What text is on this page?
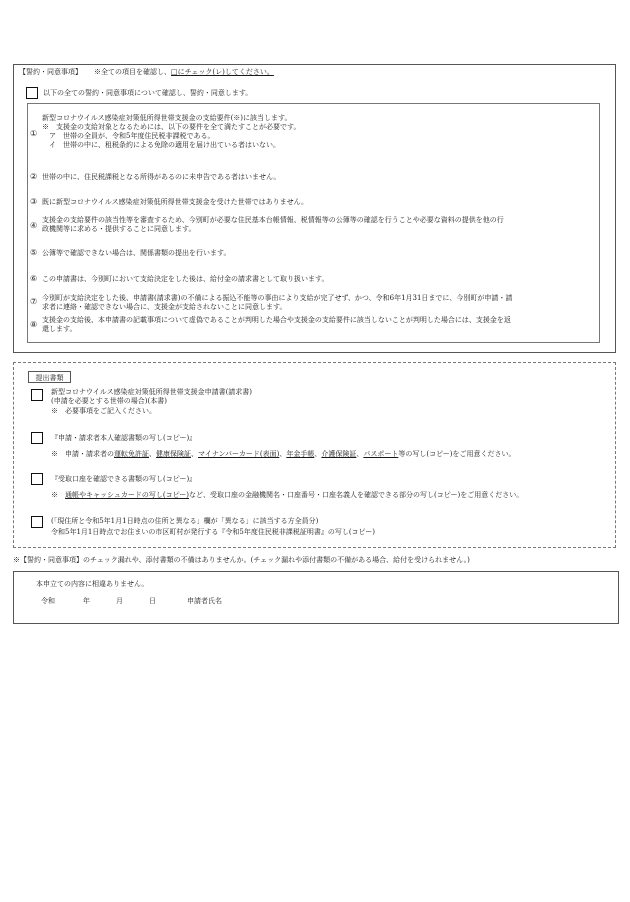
【誓約・同意事項】 ※全ての項目を確認し、□にチェック(レ)してください。
以下の全ての誓約・同意事項について確認し、誓約・同意します。
①
新型コロナウイルス感染症対策低所得世帯支援金の支給要件(※)に該当します。
※　支援金の支給対象となるためには、以下の要件を全て満たすことが必要です。
　ア　世帯の全員が、令和5年度住民税非課税である。
　イ　世帯の中に、租税条約による免除の適用を届け出ている者はいない。
② 世帯の中に、住民税課税となる所得があるのに未申告である者はいません。
③ 既に新型コロナウイルス感染症対策低所得世帯支援金を受けた世帯ではありません。
④
支援金の支給要件の該当性等を審査するため、今別町が必要な住民基本台帳情報、税情報等の公簿等の確認を行うことや必要な資料の提供を他の行
政機関等に求める・提供することに同意します。
⑤ 公簿等で確認できない場合は、関係書類の提出を行います。
⑥ この申請書は、今別町において支給決定をした後は、給付金の請求書として取り扱います。
⑦ 今別町が支給決定をした後、申請書(請求書)の不備による振込不能等の事由により支給が完了せず、かつ、令和6年1月31日までに、今別町が申請・請
求者に連絡・確認できない場合に、支援金が支給されないことに同意します。
⑧ 支援金の支給後、本申請書の記載事項について虚偽であることが判明した場合や支援金の支給要件に該当しないことが判明した場合には、支援金を返
還します。
提出書類
新型コロナウイルス感染症対策低所得世帯支援金申請書(請求書)
(申請を必要とする世帯の場合)(本書)
※　必要事項をご記入ください。
『申請・請求者本人確認書類の写し(コピー)』
※　申請・請求者の運転免許証、健康保険証、マイナンバーカード(表面)、年金手帳、介護保険証、パスポート等の写し(コピー)をご用意ください。
『受取口座を確認できる書類の写し(コピー)』
※　通帳やキャッシュカードの写し(コピー)など、受取口座の金融機関名・口座番号・口座名義人を確認できる部分の写し(コピー)をご用意ください。
(「現住所と令和5年1月1日時点の住所と異なる」欄が「異なる」に該当する方全員分)
令和5年1月1日時点でお住まいの市区町村が発行する『令和5年度住民税非課税証明書』の写し(コピー)
※【誓約・同意事項】のチェック漏れや、添付書類の不備はありませんか。(チェック漏れや添付書類の不備がある場合、給付を受けられません。)
本申立ての内容に相違ありません。
令和	年	月	日	申請者氏名
